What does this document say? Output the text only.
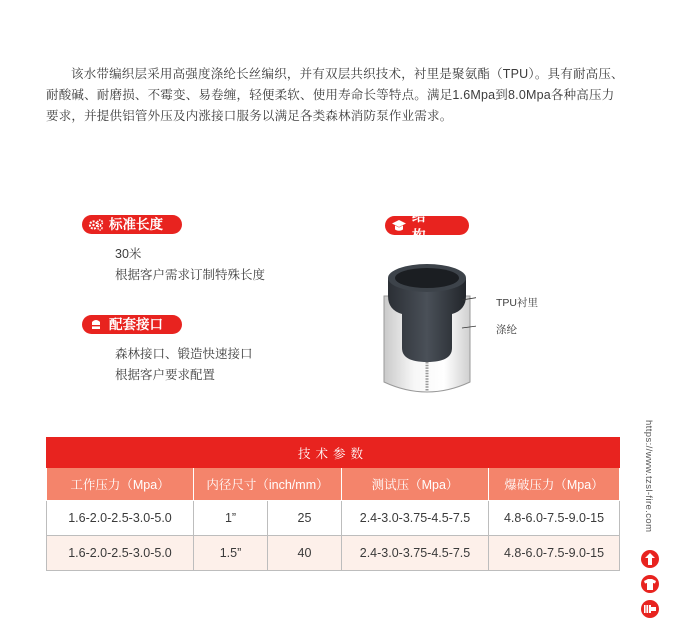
该水带编织层采用高强度涤纶长丝编织，并有双层共织技术，衬里是聚氨酯（TPU）。具有耐高压、耐酸碱、耐磨损、不霉变、易卷缠，轻便柔软、使用寿命长等特点。满足1.6Mpa到8.0Mpa各种高压力要求，并提供铝管外压及内涨接口服务以满足各类森林消防泵作业需求。

标准长度
30米
根据客户需求订制特殊长度
配套接口
森林接口、锻造快速接口
根据客户要求配置
结 构
TPU衬里
涤纶
技术参数				
工作压力（Mpa）	内径尺寸（inch/mm）		测试压（Mpa）	爆破压力（Mpa）
1.6-2.0-2.5-3.0-5.0	1”	25	2.4-3.0-3.75-4.5-7.5	4.8-6.0-7.5-9.0-15
1.6-2.0-2.5-3.0-5.0	1.5”	40	2.4-3.0-3.75-4.5-7.5	4.8-6.0-7.5-9.0-15
https://www.tzsl-fire.com
